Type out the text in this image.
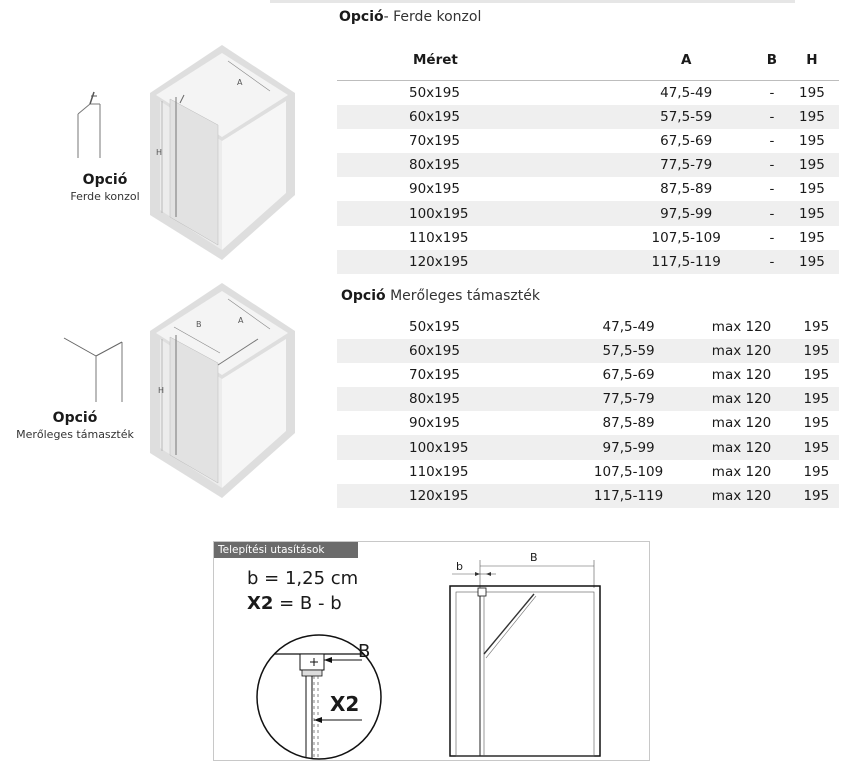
Opció- Ferde konzol
Méret	A	B	H
50x195	47,5-49	-	195
60x195	57,5-59	-	195
70x195	67,5-69	-	195
80x195	77,5-79	-	195
90x195	87,5-89	-	195
100x195	97,5-99	-	195
110x195	107,5-109	-	195
120x195	117,5-119	-	195
Opció Merőleges támaszték
50x195	47,5-49	max 120	195
60x195	57,5-59	max 120	195
70x195	67,5-69	max 120	195
80x195	77,5-79	max 120	195
90x195	87,5-89	max 120	195
100x195	97,5-99	max 120	195
110x195	107,5-109	max 120	195
120x195	117,5-119	max 120	195
Opció
Ferde konzol
Opció
Merőleges támaszték
H
A
H
B	A
Telepítési utasítások
b = 1,25 cm
X2 = B - b
B
X2
b
B
